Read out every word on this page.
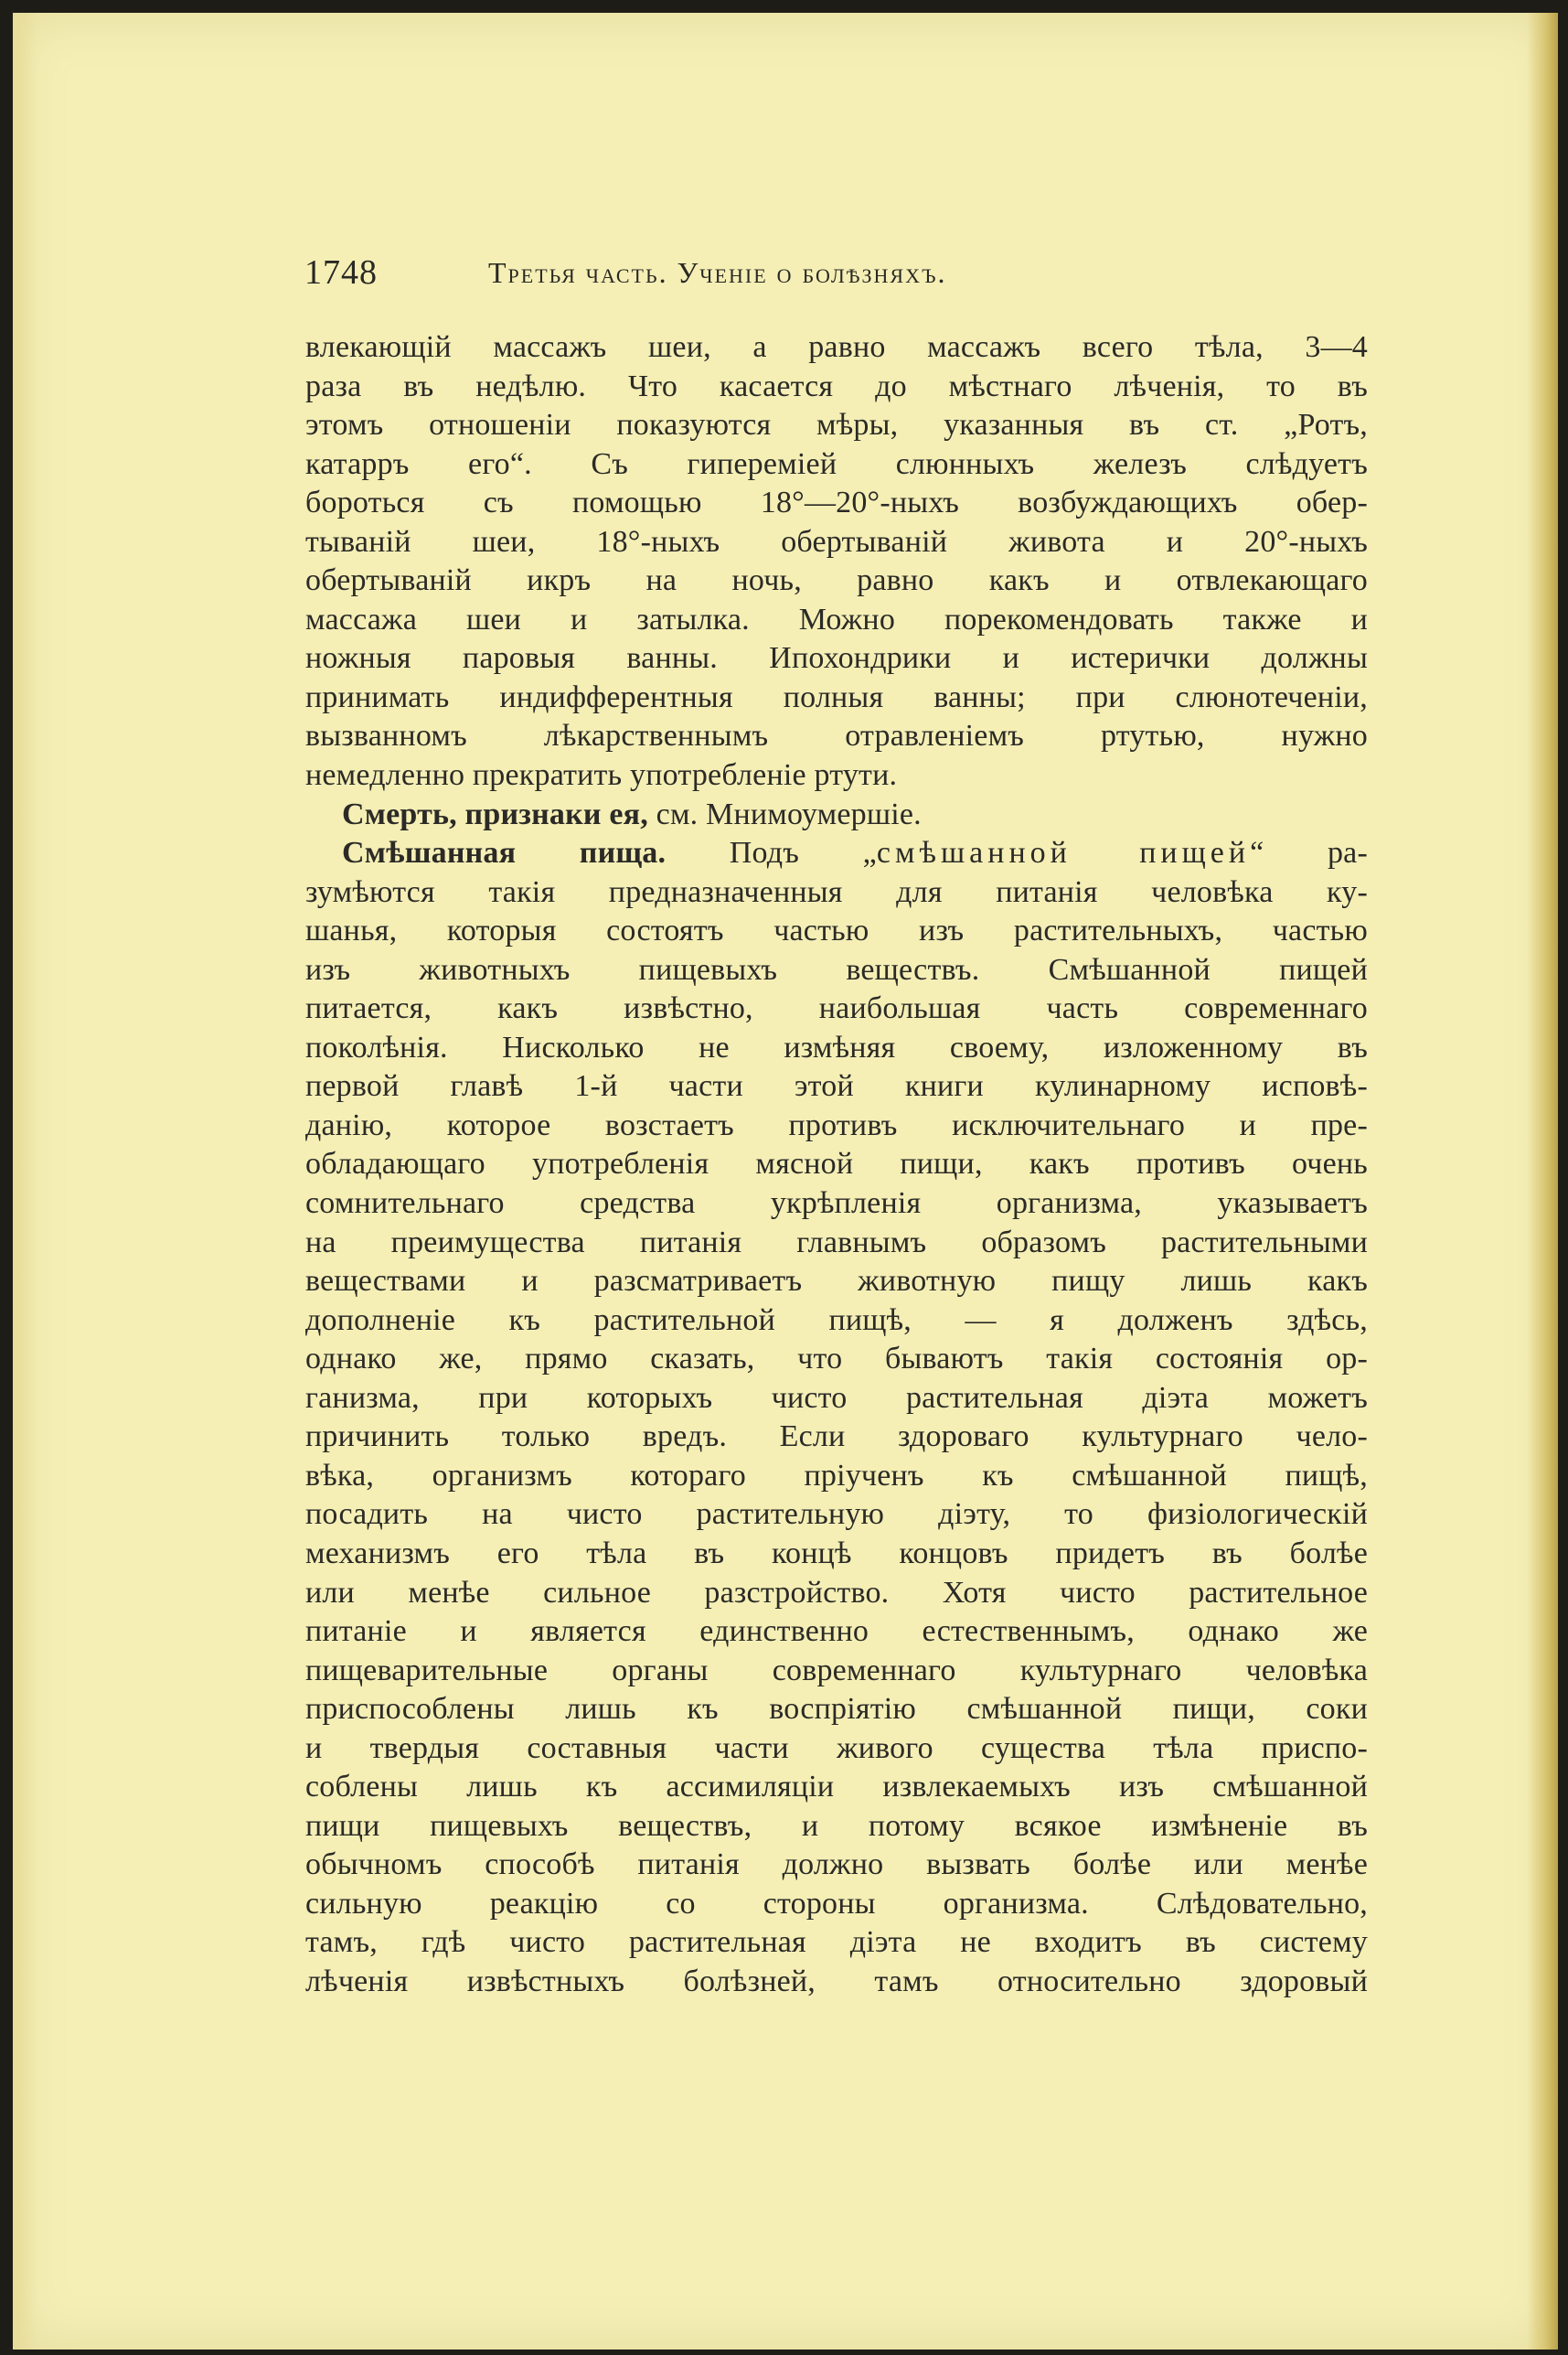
1748	Третья часть. Ученіе о болѣзняхъ.
влекающій массажъ шеи, а равно массажъ всего тѣла, 3—4
раза въ недѣлю. Что касается до мѣстнаго лѣченія, то въ
этомъ отношеніи показуются мѣры, указанныя въ ст. „Ротъ,
катарръ его“. Съ гиперемiей слюнныхъ железъ слѣдуетъ
бороться съ помощью 18°—20°-ныхъ возбуждающихъ обер-
тываній шеи, 18°-ныхъ обертываній живота и 20°-ныхъ
обертываній икръ на ночь, равно какъ и отвлекающаго
массажа шеи и затылка. Можно порекомендовать также и
ножныя паровыя ванны. Ипохондрики и истерички должны
принимать индифферентныя полныя ванны; при слюнотеченіи,
вызванномъ лѣкарственнымъ отравленіемъ ртутью, нужно
немедленно прекратить употребленіе ртути.
Смерть, признаки ея, см. Мнимоумершіе.
Смѣшанная пища. Подъ „смѣшанной пищей“ ра-
зумѣются такія предназначенныя для питанія человѣка ку-
шанья, которыя состоятъ частью изъ растительныхъ, частью
изъ животныхъ пищевыхъ веществъ. Смѣшанной пищей
питается, какъ извѣстно, наибольшая часть современнаго
поколѣнія. Нисколько не измѣняя своему, изложенному въ
первой главѣ 1-й части этой книги кулинарному исповѣ-
данію, которое возстаетъ противъ исключительнаго и пре-
обладающаго употребленія мясной пищи, какъ противъ очень
сомнительнаго средства укрѣпленія организма, указываетъ
на преимущества питанія главнымъ образомъ растительными
веществами и разсматриваетъ животную пищу лишь какъ
дополненіе къ растительной пищѣ, — я долженъ здѣсь,
однако же, прямо сказать, что бываютъ такія состоянія ор-
ганизма, при которыхъ чисто растительная діэта можетъ
причинить только вредъ. Если здороваго культурнаго чело-
вѣка, организмъ котораго пріученъ къ смѣшанной пищѣ,
посадить на чисто растительную діэту, то физіологическій
механизмъ его тѣла въ концѣ концовъ придетъ въ болѣе
или менѣе сильное разстройство. Хотя чисто растительное
питаніе и является единственно естественнымъ, однако же
пищеварительные органы современнаго культурнаго человѣка
приспособлены лишь къ воспріятію смѣшанной пищи, соки
и твердыя составныя части живого существа тѣла приспо-
соблены лишь къ ассимиляціи извлекаемыхъ изъ смѣшанной
пищи пищевыхъ веществъ, и потому всякое измѣненіе въ
обычномъ способѣ питанія должно вызвать болѣе или менѣе
сильную реакцію со стороны организма. Слѣдовательно,
тамъ, гдѣ чисто растительная діэта не входитъ въ систему
лѣченія извѣстныхъ болѣзней, тамъ относительно здоровый
